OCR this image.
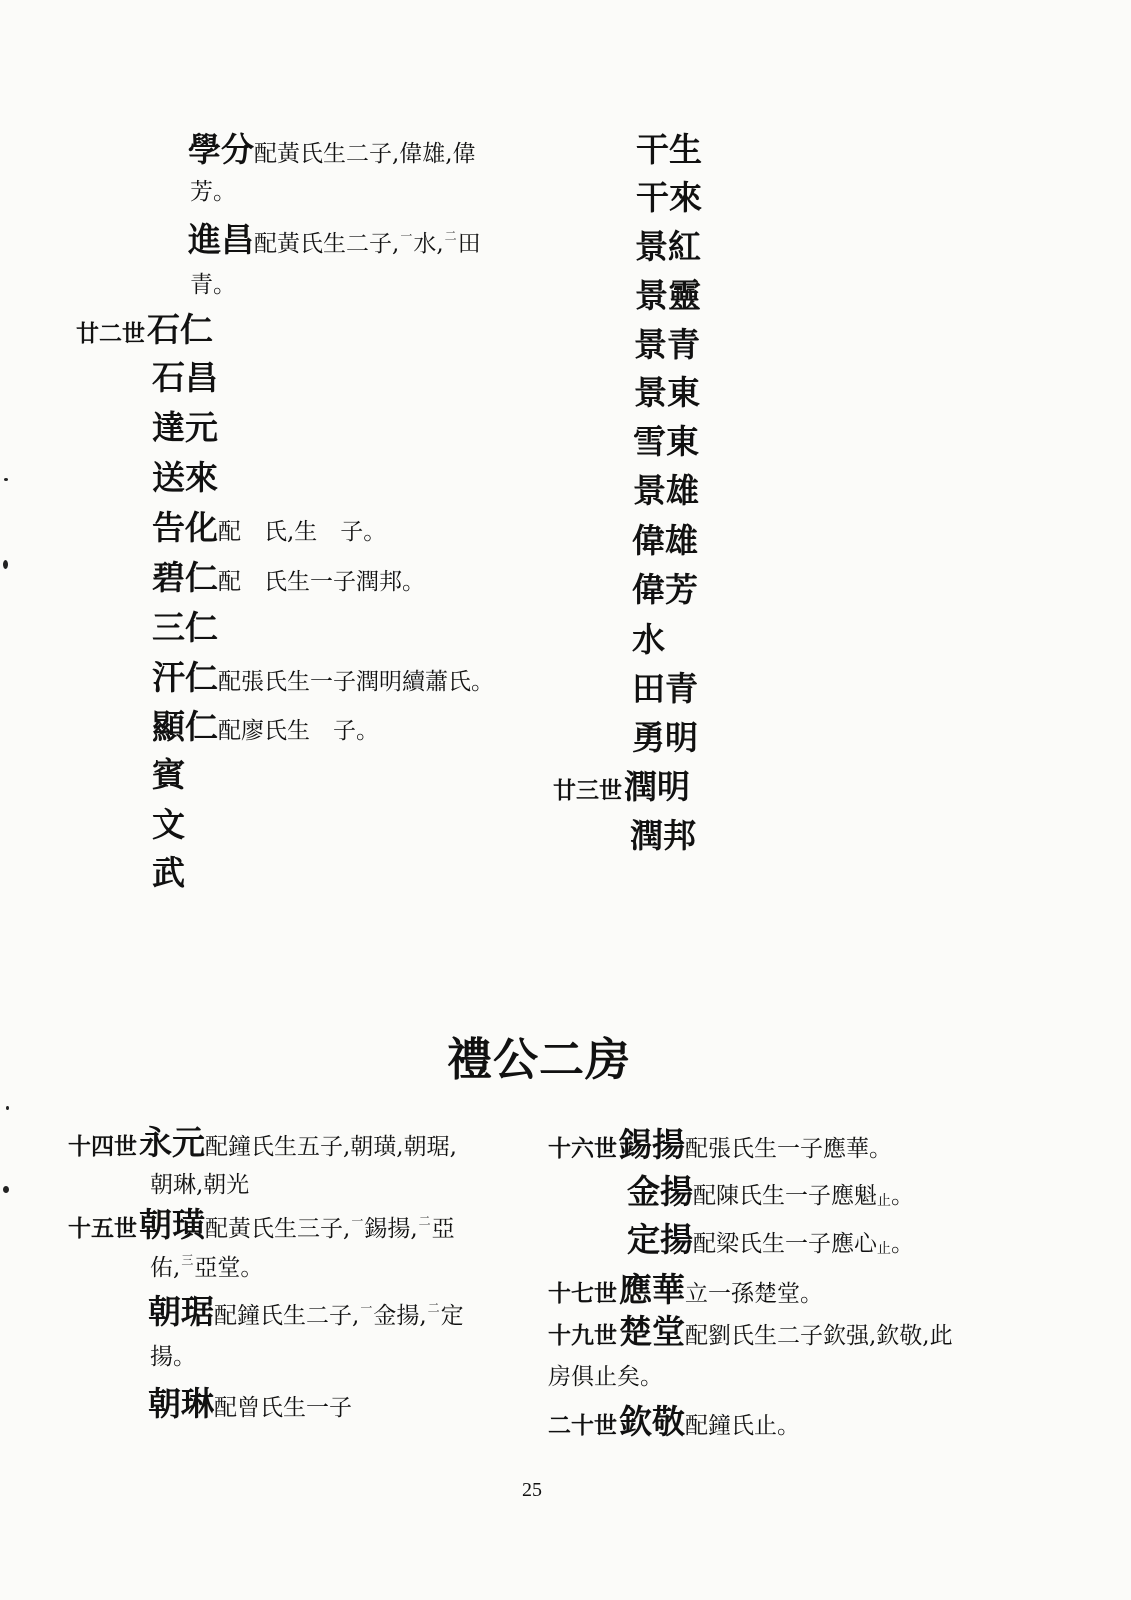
學分 配黃氏生二子,偉雄,偉
芳。
進昌 配黃氏生二子, 一 水, 二 田
青。
廿二世 石仁
石昌
達元
送來
告化 配　氏,生　子。
碧仁 配　氏生一子潤邦。
三仁
汗仁 配張氏生一子潤明續蕭氏。
顯仁 配廖氏生　子。
賓
文
武
干生
干來
景紅
景靈
景青
景東
雪東
景雄
偉雄
偉芳
水
田青
勇明
廿三世 潤明
潤邦
禮公二房
十四世 永元 配鐘氏生五子,朝璜,朝琚,
朝琳,朝光
十五世 朝璜 配黃氏生三子, 一 錫揚, 二 亞
佑, 三 亞堂。
朝琚 配鐘氏生二子, 一 金揚, 二 定
揚。
朝琳 配曾氏生一子
十六世 錫揚 配張氏生一子應華。
金揚 配陳氏生一子應魁 止 。
定揚 配梁氏生一子應心 止 。
十七世 應華 立一孫楚堂。
十九世 楚堂 配劉氏生二子欽强,欽敬,此
房俱止矣。
二十世 欽敬 配鐘氏止。
25
